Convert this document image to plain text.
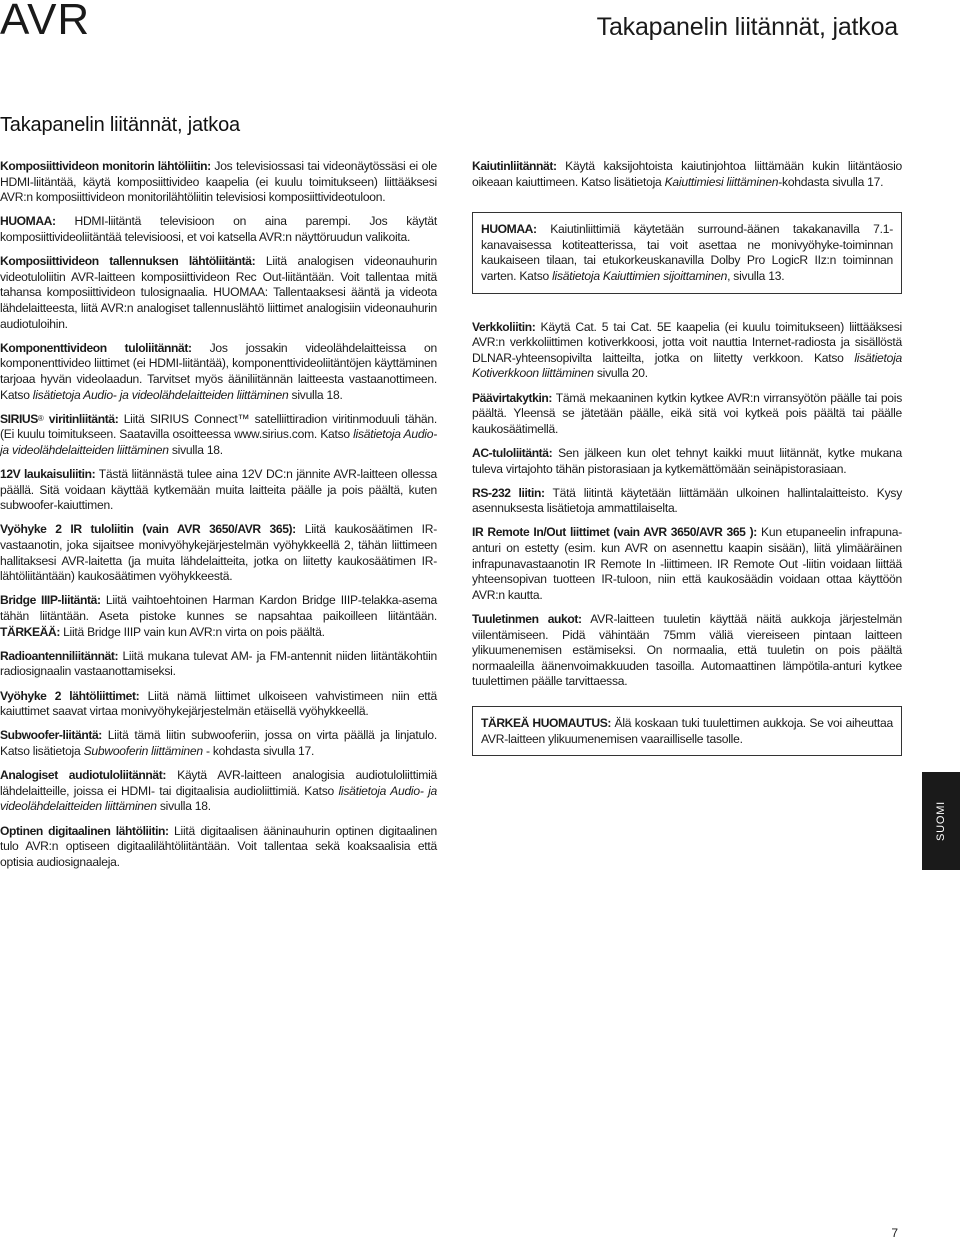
AVR	Takapanelin liitännät, jatkoa
Takapanelin liitännät, jatkoa

Komposiittivideon monitorin lähtöliitin: Jos televisiossasi tai videonäytössäsi ei ole HDMI-liitäntää, käytä komposiittivideo kaapelia (ei kuulu toimitukseen) liittääksesi AVR:n komposiittivideon monitorilähtöliitin televisiosi komposiittivideotuloon.

HUOMAA: HDMI-liitäntä televisioon on aina parempi. Jos käytät komposiittivideoliitäntää televisioosi, et voi katsella AVR:n näyttöruudun valikoita.

Komposiittivideon tallennuksen lähtöliitäntä: Liitä analogisen videonauhurin videotuloliitin AVR-laitteen komposiittivideon Rec Out-liitäntään. Voit tallentaa mitä tahansa komposiittivideon tulosignaalia. HUOMAA: Tallentaaksesi ääntä ja videota lähdelaitteesta, liitä AVR:n analogiset tallennuslähtö liittimet analogisiin videonauhurin audiotuloihin.

Komponenttivideon tuloliitännät: Jos jossakin videolähdelaitteissa on komponenttivideo liittimet (ei HDMI-liitäntää), komponenttivideoliitäntöjen käyttäminen tarjoaa hyvän videolaadun. Tarvitset myös ääniliitännän laitteesta vastaanottimeen. Katso lisätietoja Audio- ja videolähdelaitteiden liittäminen sivulla 18.

SIRIUS® viritinliitäntä: Liitä SIRIUS Connect™ satelliittiradion viritinmoduuli tähän. (Ei kuulu toimitukseen. Saatavilla osoitteessa www.sirius.com. Katso lisätietoja Audio- ja videolähdelaitteiden liittäminen sivulla 18.

12V laukaisuliitin: Tästä liitännästä tulee aina 12V DC:n jännite AVR-laitteen ollessa päällä. Sitä voidaan käyttää kytkemään muita laitteita päälle ja pois päältä, kuten subwoofer-kaiuttimen.

Vyöhyke 2 IR tuloliitin (vain AVR 3650/AVR 365): Liitä kaukosäätimen IR-vastaanotin, joka sijaitsee monivyöhykejärjestelmän vyöhykkeellä 2, tähän liittimeen hallitaksesi AVR-laitetta (ja muita lähdelaitteita, jotka on liitetty kaukosäätimen IR-lähtöliitäntään) kaukosäätimen vyöhykkeestä.

Bridge IIIP-liitäntä: Liitä vaihtoehtoinen Harman Kardon Bridge IIIP-telakka-asema tähän liitäntään. Aseta pistoke kunnes se napsahtaa paikoilleen liitäntään. TÄRKEÄÄ: Liitä Bridge IIIP vain kun AVR:n virta on pois päältä.

Radioantenniliitännät: Liitä mukana tulevat AM- ja FM-antennit niiden liitäntäkohtiin radiosignaalin vastaanottamiseksi.

Vyöhyke 2 lähtöliittimet: Liitä nämä liittimet ulkoiseen vahvistimeen niin että kaiuttimet saavat virtaa monivyöhykejärjestelmän etäisellä vyöhykkeellä.

Subwoofer-liitäntä: Liitä tämä liitin subwooferiin, jossa on virta päällä ja linjatulo. Katso lisätietoja Subwooferin liittäminen - kohdasta sivulla 17.

Analogiset audiotuloliitännät: Käytä AVR-laitteen analogisia audiotuloliittimiä lähdelaitteille, joissa ei HDMI- tai digitaalisia audioliittimiä. Katso lisätietoja Audio- ja videolähdelaitteiden liittäminen sivulla 18.

Optinen digitaalinen lähtöliitin: Liitä digitaalisen ääninauhurin optinen digitaalinen tulo AVR:n optiseen digitaalilähtöliitäntään. Voit tallentaa sekä koaksaalisia että optisia audiosignaaleja.

Kaiutinliitännät: Käytä kaksijohtoista kaiutinjohtoa liittämään kukin liitäntäosio oikeaan kaiuttimeen. Katso lisätietoja Kaiuttimiesi liittäminen-kohdasta sivulla 17.

HUOMAA: Kaiutinliittimiä käytetään surround-äänen takakanavilla 7.1-kanavaisessa kotiteatterissa, tai voit asettaa ne monivyöhyke-toiminnan kaukaiseen tilaan, tai etukorkeuskanavilla Dolby Pro LogicR IIz:n toiminnan varten. Katso lisätietoja Kaiuttimien sijoittaminen, sivulla 13.

Verkkoliitin: Käytä Cat. 5 tai Cat. 5E kaapelia (ei kuulu toimitukseen) liittääksesi AVR:n verkkoliittimen kotiverkkoosi, jotta voit nauttia Internet-radiosta ja sisällöstä DLNAR-yhteensopivilta laitteilta, jotka on liitetty verkkoon. Katso lisätietoja Kotiverkkoon liittäminen sivulla 20.

Päävirtakytkin: Tämä mekaaninen kytkin kytkee AVR:n virransyötön päälle tai pois päältä. Yleensä se jätetään päälle, eikä sitä voi kytkeä pois päältä tai päälle kaukosäätimellä.

AC-tuloliitäntä: Sen jälkeen kun olet tehnyt kaikki muut liitännät, kytke mukana tuleva virtajohto tähän pistorasiaan ja kytkemättömään seinäpistorasiaan.

RS-232 liitin: Tätä liitintä käytetään liittämään ulkoinen hallintalaitteisto. Kysy asennuksesta lisätietoja ammattilaiselta.

IR Remote In/Out liittimet (vain AVR 3650/AVR 365 ): Kun etupaneelin infrapuna-anturi on estetty (esim. kun AVR on asennettu kaapin sisään), liitä ylimääräinen infrapunavastaanotin IR Remote In -liittimeen. IR Remote Out -liitin voidaan liittää yhteensopivan tuotteen IR-tuloon, niin että kaukosäädin voidaan ottaa käyttöön AVR:n kautta.

Tuuletinmen aukot: AVR-laitteen tuuletin käyttää näitä aukkoja järjestelmän viilentämiseen. Pidä vähintään 75mm väliä viereiseen pintaan laitteen ylikuumenemisen estämiseksi. On normaalia, että tuuletin on pois päältä normaaleilla äänenvoimakkuuden tasoilla. Automaattinen lämpötila-anturi kytkee tuulettimen päälle tarvittaessa.

TÄRKEÄ HUOMAUTUS: Älä koskaan tuki tuulettimen aukkoja. Se voi aiheuttaa AVR-laitteen ylikuumenemisen vaarailliselle tasolle.

SUOMI
7
